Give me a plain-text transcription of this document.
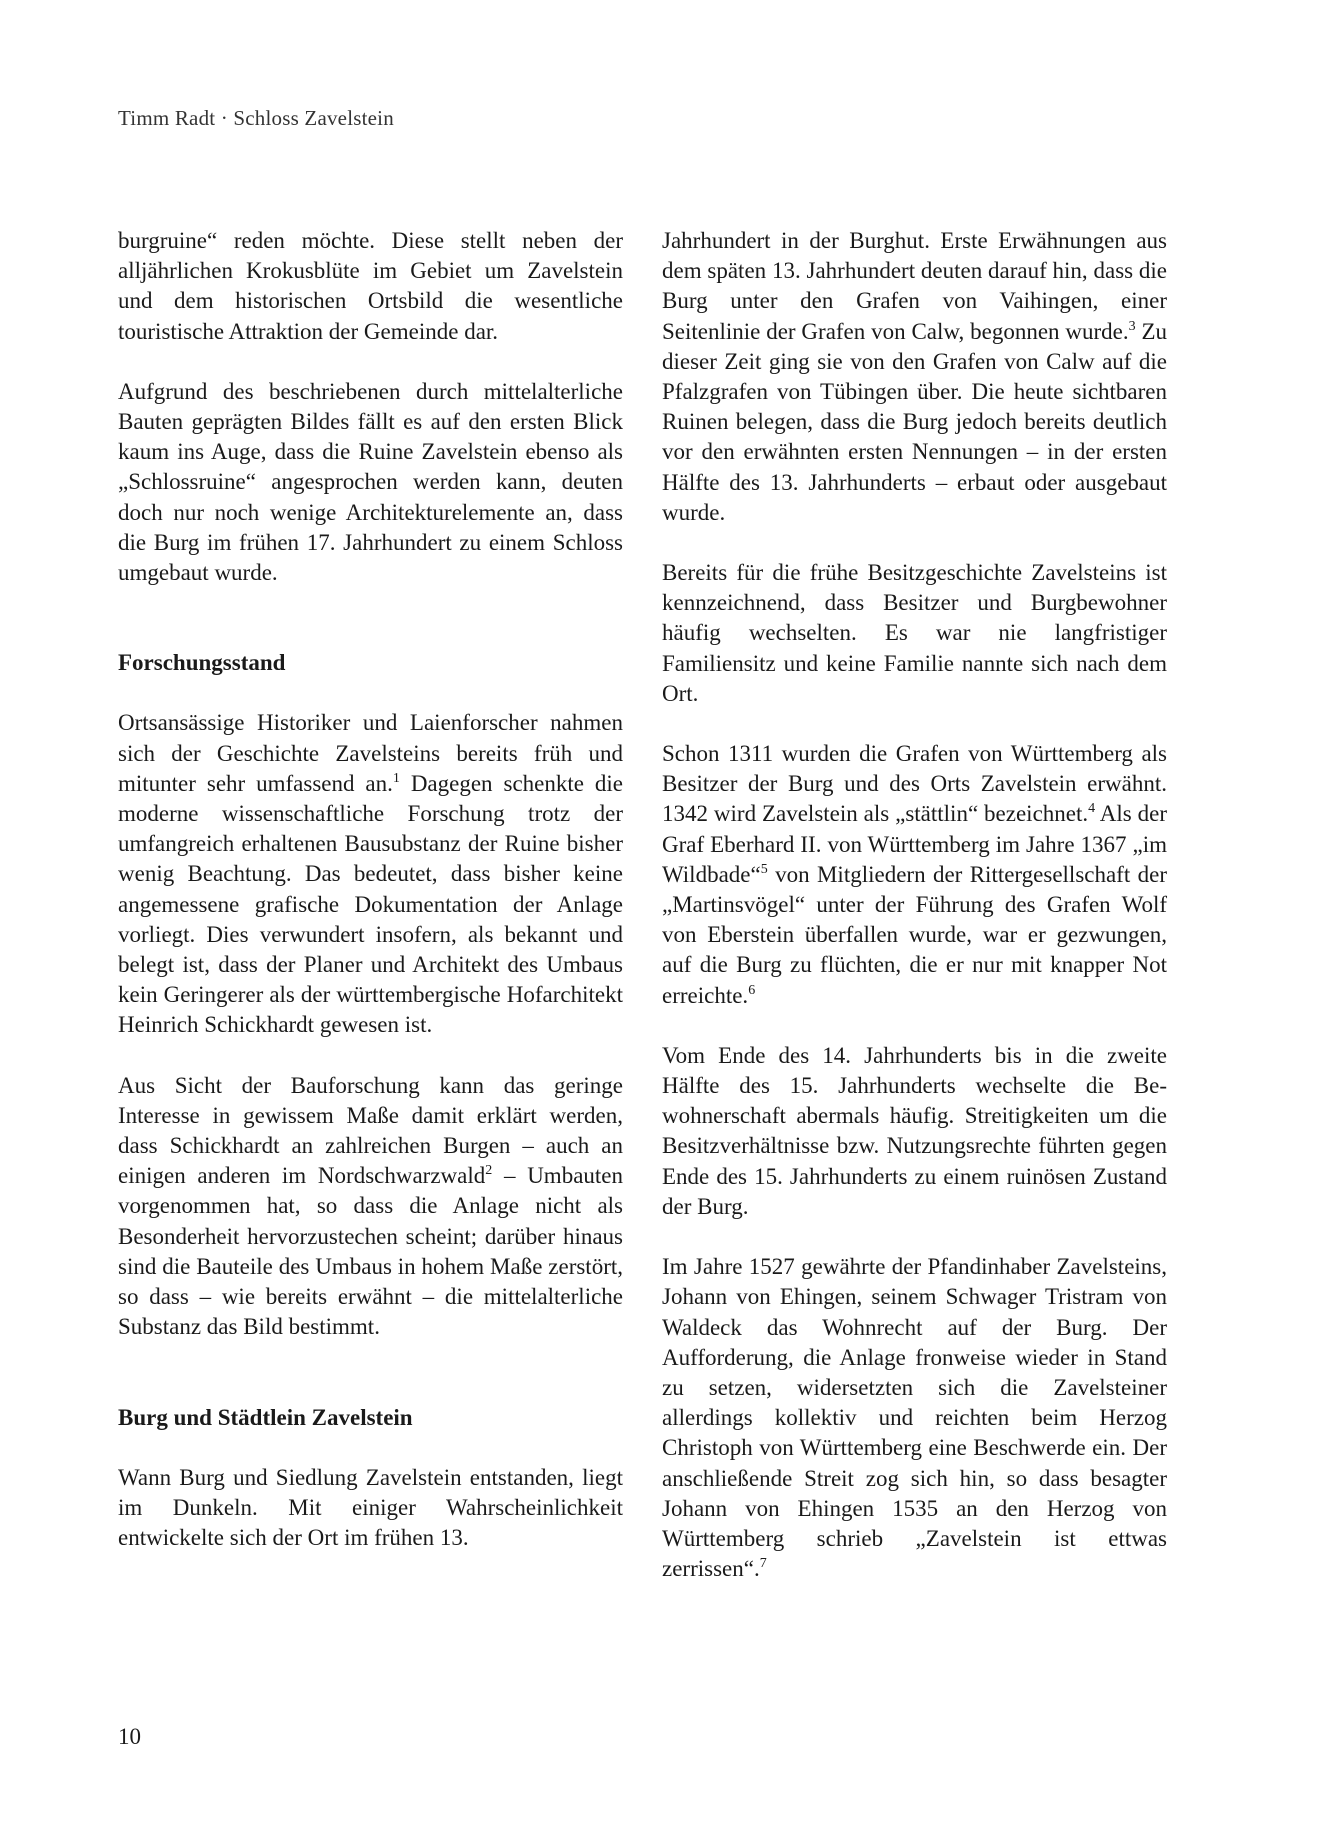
Timm Radt · Schloss Zavelstein

burgruine“ reden möchte. Diese stellt neben der alljährlichen Krokusblüte im Gebiet um Zavelstein und dem historischen Ortsbild die wesentliche touristische Attraktion der Gemeinde dar.

Aufgrund des beschriebenen durch mittelalterliche Bauten geprägten Bildes fällt es auf den ersten Blick kaum ins Auge, dass die Ruine Zavelstein ebenso als „Schlossruine“ angesprochen werden kann, deuten doch nur noch wenige Architekturelemente an, dass die Burg im frühen 17. Jahrhundert zu einem Schloss umgebaut wurde.

Forschungsstand

Ortsansässige Historiker und Laienforscher nahmen sich der Geschichte Zavelsteins bereits früh und mitunter sehr umfassend an.$^1$ Dagegen schenkte die moderne wissenschaftliche Forschung trotz der umfangreich erhaltenen Bausubstanz der Ruine bisher wenig Beachtung. Das bedeutet, dass bisher keine angemessene grafische Dokumentation der Anlage vorliegt. Dies verwundert insofern, als bekannt und belegt ist, dass der Planer und Architekt des Umbaus kein Geringerer als der württembergische Hofarchitekt Heinrich Schickhardt gewesen ist.

Aus Sicht der Bauforschung kann das geringe Interesse in gewissem Maße damit erklärt werden, dass Schickhardt an zahlreichen Burgen – auch an einigen anderen im Nordschwarzwald$^2$ – Umbauten vorgenommen hat, so dass die Anlage nicht als Besonderheit hervorzustechen scheint; darüber hinaus sind die Bauteile des Umbaus in hohem Maße zerstört, so dass – wie bereits erwähnt – die mittelalterliche Substanz das Bild bestimmt.

Burg und Städtlein Zavelstein

Wann Burg und Siedlung Zavelstein entstanden, liegt im Dunkeln. Mit einiger Wahrscheinlichkeit entwickelte sich der Ort im frühen 13.

Jahrhundert in der Burghut. Erste Erwähnungen aus dem späten 13. Jahrhundert deuten darauf hin, dass die Burg unter den Grafen von Vaihingen, einer Seitenlinie der Grafen von Calw, begonnen wurde.$^3$ Zu dieser Zeit ging sie von den Grafen von Calw auf die Pfalzgrafen von Tübingen über. Die heute sichtbaren Ruinen belegen, dass die Burg jedoch bereits deutlich vor den erwähnten ersten Nennungen – in der ersten Hälfte des 13. Jahrhunderts – erbaut oder ausgebaut wurde.

Bereits für die frühe Besitzgeschichte Zavelsteins ist kennzeichnend, dass Besitzer und Burgbewohner häufig wechselten. Es war nie langfristiger Familiensitz und keine Familie nannte sich nach dem Ort.

Schon 1311 wurden die Grafen von Württemberg als Besitzer der Burg und des Orts Zavelstein erwähnt. 1342 wird Zavelstein als „stättlin“ bezeichnet.$^4$ Als der Graf Eberhard II. von Württemberg im Jahre 1367 „im Wildbade“$^5$ von Mitgliedern der Rittergesellschaft der „Martinsvögel“ unter der Führung des Grafen Wolf von Eberstein überfallen wurde, war er gezwungen, auf die Burg zu flüchten, die er nur mit knapper Not erreichte.$^6$

Vom Ende des 14. Jahrhunderts bis in die zweite Hälfte des 15. Jahrhunderts wechselte die Bewohnerschaft abermals häufig. Streitigkeiten um die Besitzverhältnisse bzw. Nutzungsrechte führten gegen Ende des 15. Jahrhunderts zu einem ruinösen Zustand der Burg.

Im Jahre 1527 gewährte der Pfandinhaber Zavelsteins, Johann von Ehingen, seinem Schwager Tristram von Waldeck das Wohnrecht auf der Burg. Der Aufforderung, die Anlage fronweise wieder in Stand zu setzen, widersetzten sich die Zavelsteiner allerdings kollektiv und reichten beim Herzog Christoph von Württemberg eine Beschwerde ein. Der anschließende Streit zog sich hin, so dass besagter Johann von Ehingen 1535 an den Herzog von Württemberg schrieb „Zavelstein ist ettwas zerrissen“.$^7$

10
